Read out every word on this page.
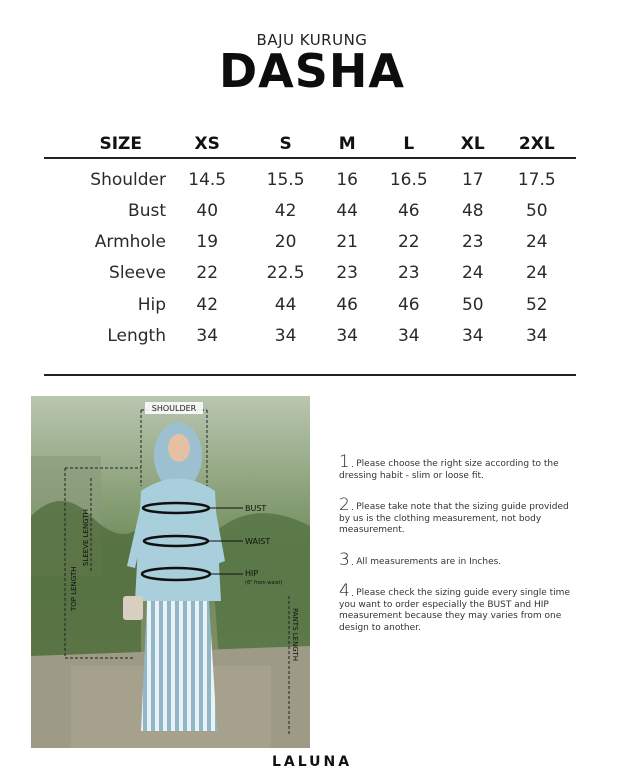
BAJU KURUNG
DASHA
SIZE	XS	S	M	L	XL	2XL
Shoulder	14.5	15.5	16	16.5	17	17.5
Bust	40	42	44	46	48	50
Armhole	19	20	21	22	23	24
Sleeve	22	22.5	23	23	24	24
Hip	42	44	46	46	50	52
Length	34	34	34	34	34	34
SHOULDER
BUST
WAIST
HIP
(6" from waist)
TOP LENGTH
SLEEVE LENGTH
PANTS LENGTH
1.Please choose the right size according to the dressing habit - slim or loose fit.
2.Please take note that the sizing guide provided by us is the clothing measurement, not body measurement.
3.All measurements are in Inches.
4.Please check the sizing guide every single time you want to order especially the BUST and HIP measurement because they may varies from one design to another.
LALUNA
